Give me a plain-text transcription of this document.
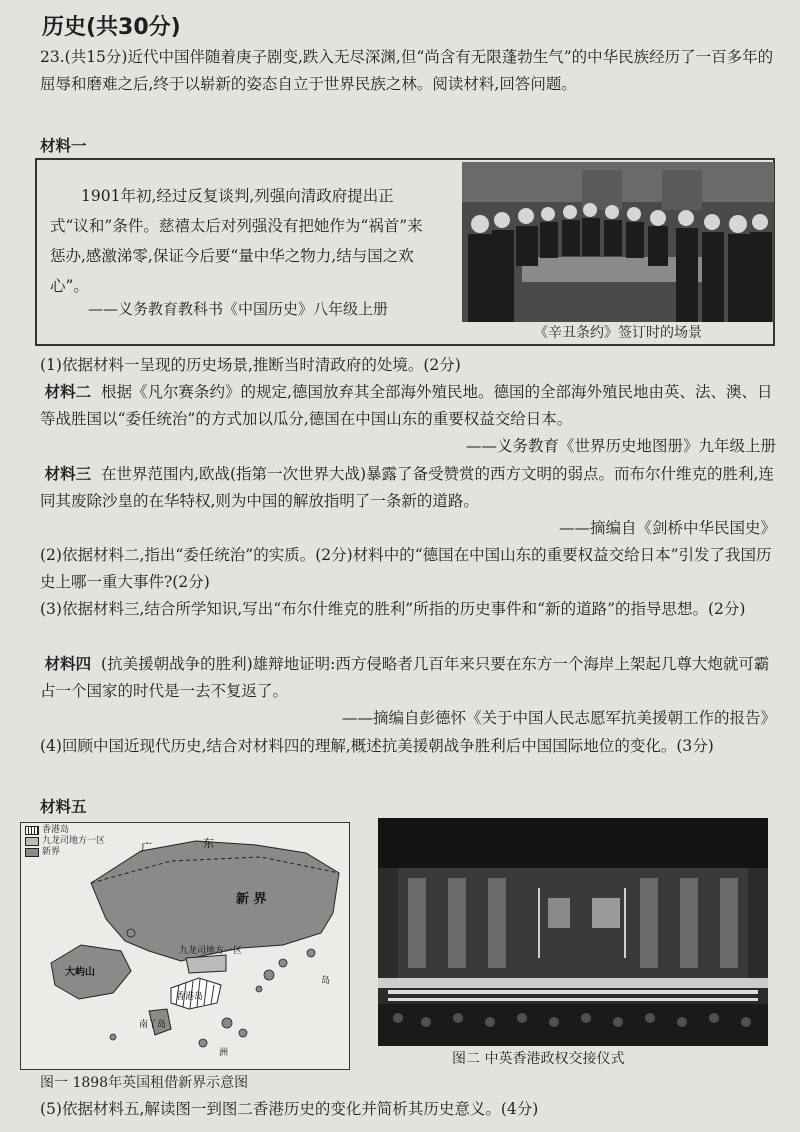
历史(共30分)
23.(共15分)近代中国伴随着庚子剧变,跌入无尽深渊,但“尚含有无限蓬勃生气”的中华民族经历了一百多年的屈辱和磨难之后,终于以崭新的姿态自立于世界民族之林。阅读材料,回答问题。
材料一

1901年初,经过反复谈判,列强向清政府提出正式“议和”条件。慈禧太后对列强没有把她作为“祸首”来惩办,感激涕零,保证今后要“量中华之物力,结与国之欢心”。

——义务教育教科书《中国历史》八年级上册
《辛丑条约》签订时的场景
(1)依据材料一呈现的历史场景,推断当时清政府的处境。(2分)
材料二 根据《凡尔赛条约》的规定,德国放弃其全部海外殖民地。德国的全部海外殖民地由英、法、澳、日等战胜国以“委任统治”的方式加以瓜分,德国在中国山东的重要权益交给日本。
——义务教育《世界历史地图册》九年级上册
材料三 在世界范围内,欧战(指第一次世界大战)暴露了备受赞赏的西方文明的弱点。而布尔什维克的胜利,连同其废除沙皇的在华特权,则为中国的解放指明了一条新的道路。
——摘编自《剑桥中华民国史》
(2)依据材料二,指出“委任统治”的实质。(2分)材料中的“德国在中国山东的重要权益交给日本”引发了我国历史上哪一重大事件?(2分)
(3)依据材料三,结合所学知识,写出“布尔什维克的胜利”所指的历史事件和“新的道路”的指导思想。(2分)
材料四 (抗美援朝战争的胜利)雄辩地证明:西方侵略者几百年来只要在东方一个海岸上架起几尊大炮就可霸占一个国家的时代是一去不复返了。
——摘编自彭德怀《关于中国人民志愿军抗美援朝工作的报告》
(4)回顾中国近现代历史,结合对材料四的理解,概述抗美援朝战争胜利后中国国际地位的变化。(3分)
材料五
广	东
新 界
九龙司地方一区
大屿山
香港岛
南丫岛
洲
岛
香港岛
九龙司地方一区
新界
图一 1898年英国租借新界示意图
图二 中英香港政权交接仪式
(5)依据材料五,解读图一到图二香港历史的变化并简析其历史意义。(4分)
